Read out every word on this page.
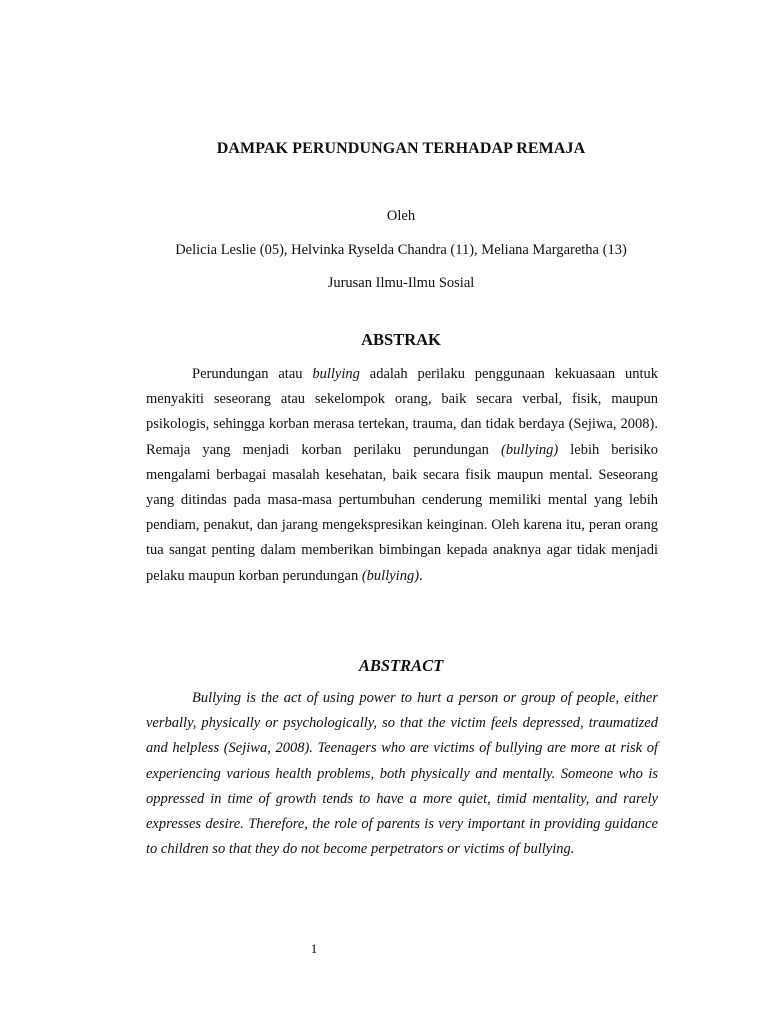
DAMPAK PERUNDUNGAN TERHADAP REMAJA
Oleh
Delicia Leslie (05), Helvinka Ryselda Chandra (11), Meliana Margaretha (13)
Jurusan Ilmu-Ilmu Sosial
ABSTRAK

Perundungan atau bullying adalah perilaku penggunaan kekuasaan untuk menyakiti seseorang atau sekelompok orang, baik secara verbal, fisik, maupun psikologis, sehingga korban merasa tertekan, trauma, dan tidak berdaya (Sejiwa, 2008). Remaja yang menjadi korban perilaku perundungan (bullying) lebih berisiko mengalami berbagai masalah kesehatan, baik secara fisik maupun mental. Seseorang yang ditindas pada masa-masa pertumbuhan cenderung memiliki mental yang lebih pendiam, penakut, dan jarang mengekspresikan keinginan. Oleh karena itu, peran orang tua sangat penting dalam memberikan bimbingan kepada anaknya agar tidak menjadi pelaku maupun korban perundungan (bullying).

ABSTRACT

Bullying is the act of using power to hurt a person or group of people, either verbally, physically or psychologically, so that the victim feels depressed, traumatized and helpless (Sejiwa, 2008). Teenagers who are victims of bullying are more at risk of experiencing various health problems, both physically and mentally. Someone who is oppressed in time of growth tends to have a more quiet, timid mentality, and rarely expresses desire. Therefore, the role of parents is very important in providing guidance to children so that they do not become perpetrators or victims of bullying.

1
